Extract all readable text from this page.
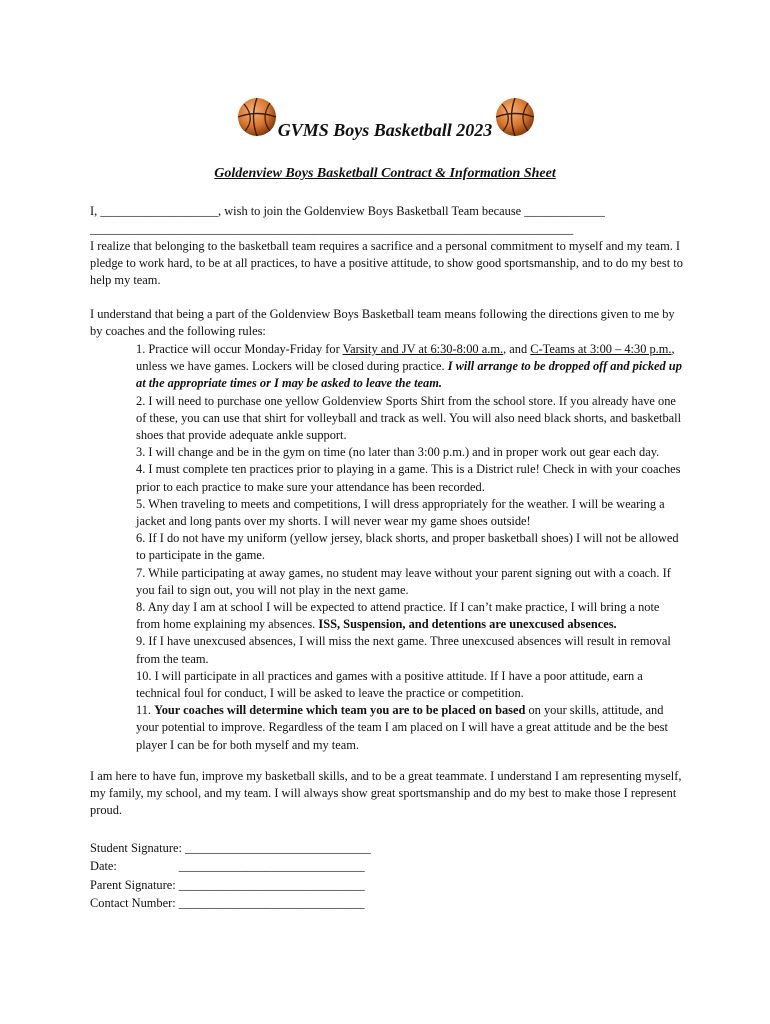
GVMS Boys Basketball 2023
Goldenview Boys Basketball Contract & Information Sheet

I, ___________________, wish to join the Goldenview Boys Basketball Team because _____________

______________________________________________________________________________

I realize that belonging to the basketball team requires a sacrifice and a personal commitment to myself and my team. I pledge to work hard, to be at all practices, to have a positive attitude, to show good sportsmanship, and to do my best to help my team.

I understand that being a part of the Goldenview Boys Basketball team means following the directions given to me by by coaches and the following rules:

1. Practice will occur Monday-Friday for Varsity and JV at 6:30-8:00 a.m., and C-Teams at 3:00 – 4:30 p.m., unless we have games. Lockers will be closed during practice. I will arrange to be dropped off and picked up at the appropriate times or I may be asked to leave the team.

2. I will need to purchase one yellow Goldenview Sports Shirt from the school store. If you already have one of these, you can use that shirt for volleyball and track as well. You will also need black shorts, and basketball shoes that provide adequate ankle support.

3. I will change and be in the gym on time (no later than 3:00 p.m.) and in proper work out gear each day.

4. I must complete ten practices prior to playing in a game. This is a District rule! Check in with your coaches prior to each practice to make sure your attendance has been recorded.

5. When traveling to meets and competitions, I will dress appropriately for the weather. I will be wearing a jacket and long pants over my shorts. I will never wear my game shoes outside!

6. If I do not have my uniform (yellow jersey, black shorts, and proper basketball shoes) I will not be allowed to participate in the game.

7. While participating at away games, no student may leave without your parent signing out with a coach. If you fail to sign out, you will not play in the next game.

8. Any day I am at school I will be expected to attend practice. If I can’t make practice, I will bring a note from home explaining my absences. ISS, Suspension, and detentions are unexcused absences.

9. If I have unexcused absences, I will miss the next game. Three unexcused absences will result in removal from the team.

10. I will participate in all practices and games with a positive attitude. If I have a poor attitude, earn a technical foul for conduct, I will be asked to leave the practice or competition.

11. Your coaches will determine which team you are to be placed on based on your skills, attitude, and your potential to improve. Regardless of the team I am placed on I will have a great attitude and be the best player I can be for both myself and my team.

I am here to have fun, improve my basketball skills, and to be a great teammate. I understand I am representing myself, my family, my school, and my team. I will always show great sportsmanship and do my best to make those I represent proud.

Student Signature: ______________________________

Date:                    ______________________________

Parent Signature: ______________________________

Contact Number: ______________________________
